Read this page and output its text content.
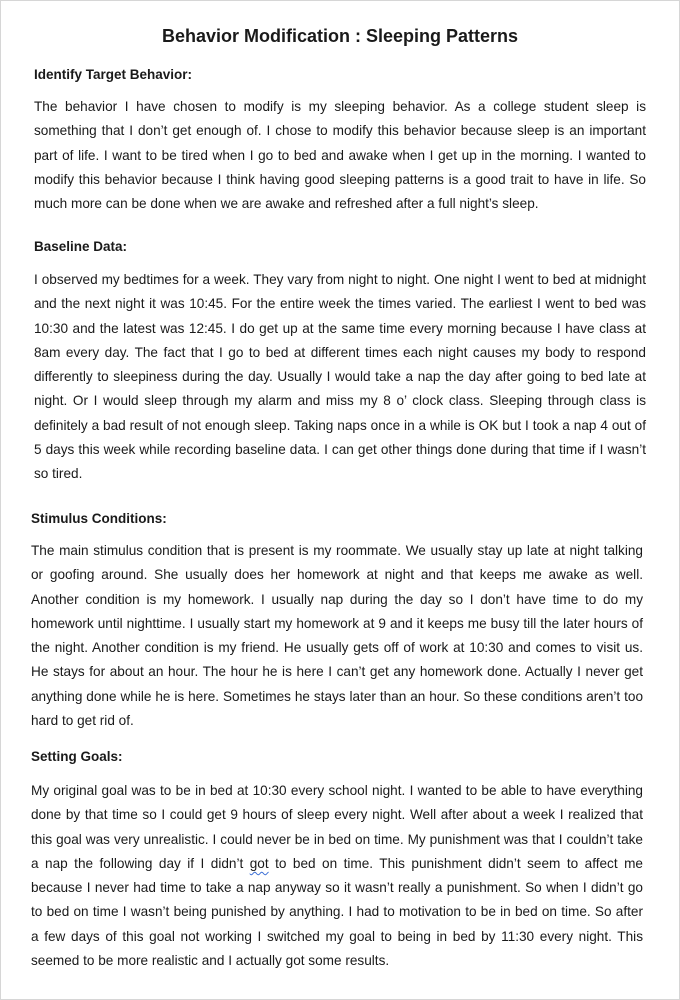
Behavior Modification : Sleeping Patterns
Identify Target Behavior:
The behavior I have chosen to modify is my sleeping behavior. As a college student sleep is something that I don’t get enough of. I chose to modify this behavior because sleep is an important part of life. I want to be tired when I go to bed and awake when I get up in the morning. I wanted to modify this behavior because I think having good sleeping patterns is a good trait to have in life. So much more can be done when we are awake and refreshed after a full night’s sleep.
Baseline Data:
I observed my bedtimes for a week. They vary from night to night. One night I went to bed at midnight and the next night it was 10:45. For the entire week the times varied. The earliest I went to bed was 10:30 and the latest was 12:45. I do get up at the same time every morning because I have class at 8am every day. The fact that I go to bed at different times each night causes my body to respond differently to sleepiness during the day. Usually I would take a nap the day after going to bed late at night. Or I would sleep through my alarm and miss my 8 o’ clock class. Sleeping through class is definitely a bad result of not enough sleep. Taking naps once in a while is OK but I took a nap 4 out of 5 days this week while recording baseline data. I can get other things done during that time if I wasn’t so tired.
Stimulus Conditions:
The main stimulus condition that is present is my roommate. We usually stay up late at night talking or goofing around. She usually does her homework at night and that keeps me awake as well. Another condition is my homework. I usually nap during the day so I don’t have time to do my homework until nighttime. I usually start my homework at 9 and it keeps me busy till the later hours of the night. Another condition is my friend. He usually gets off of work at 10:30 and comes to visit us. He stays for about an hour. The hour he is here I can’t get any homework done. Actually I never get anything done while he is here. Sometimes he stays later than an hour. So these conditions aren’t too hard to get rid of.
Setting Goals:
My original goal was to be in bed at 10:30 every school night. I wanted to be able to have everything done by that time so I could get 9 hours of sleep every night. Well after about a week I realized that this goal was very unrealistic. I could never be in bed on time. My punishment was that I couldn’t take a nap the following day if I didn’t got to bed on time. This punishment didn’t seem to affect me because I never had time to take a nap anyway so it wasn’t really a punishment. So when I didn’t go to bed on time I wasn’t being punished by anything. I had to motivation to be in bed on time. So after a few days of this goal not working I switched my goal to being in bed by 11:30 every night. This seemed to be more realistic and I actually got some results.
